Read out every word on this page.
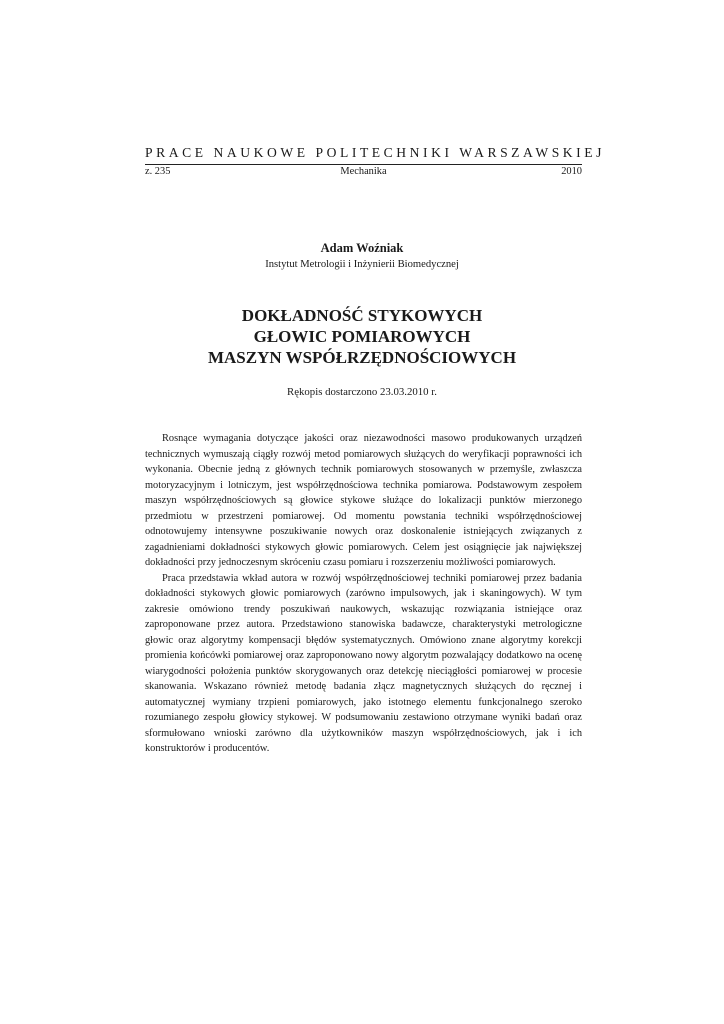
PRACE NAUKOWE POLITECHNIKI WARSZAWSKIEJ
z. 235	Mechanika	2010
Adam Woźniak
Instytut Metrologii i Inżynierii Biomedycznej
DOKŁADNOŚĆ STYKOWYCH
GŁOWIC POMIAROWYCH
MASZYN WSPÓŁRZĘDNOŚCIOWYCH
Rękopis dostarczono 23.03.2010 r.

Rosnące wymagania dotyczące jakości oraz niezawodności masowo produkowanych urządzeń technicznych wymuszają ciągły rozwój metod pomiarowych służących do weryfikacji poprawności ich wykonania. Obecnie jedną z głównych technik pomiarowych stosowanych w przemyśle, zwłaszcza motoryzacyjnym i lotniczym, jest współrzędnościowa technika pomiarowa. Podstawowym zespołem maszyn współrzędnościowych są głowice stykowe służące do lokalizacji punktów mierzonego przedmiotu w przestrzeni pomiarowej. Od momentu powstania techniki współrzędnościowej odnotowujemy intensywne poszukiwanie nowych oraz doskonalenie istniejących związanych z zagadnieniami dokładności stykowych głowic pomiarowych. Celem jest osiągnięcie jak największej dokładności przy jednoczesnym skróceniu czasu pomiaru i rozszerzeniu możliwości pomiarowych.

Praca przedstawia wkład autora w rozwój współrzędnościowej techniki pomiarowej przez badania dokładności stykowych głowic pomiarowych (zarówno impulsowych, jak i skaningowych). W tym zakresie omówiono trendy poszukiwań naukowych, wskazując rozwiązania istniejące oraz zaproponowane przez autora. Przedstawiono stanowiska badawcze, charakterystyki metrologiczne głowic oraz algorytmy kompensacji błędów systematycznych. Omówiono znane algorytmy korekcji promienia końcówki pomiarowej oraz zaproponowano nowy algorytm pozwalający dodatkowo na ocenę wiarygodności położenia punktów skorygowanych oraz detekcję nieciągłości pomiarowej w procesie skanowania. Wskazano również metodę badania złącz magnetycznych służących do ręcznej i automatycznej wymiany trzpieni pomiarowych, jako istotnego elementu funkcjonalnego szeroko rozumianego zespołu głowicy stykowej. W podsumowaniu zestawiono otrzymane wyniki badań oraz sformułowano wnioski zarówno dla użytkowników maszyn współrzędnościowych, jak i ich konstruktorów i producentów.
